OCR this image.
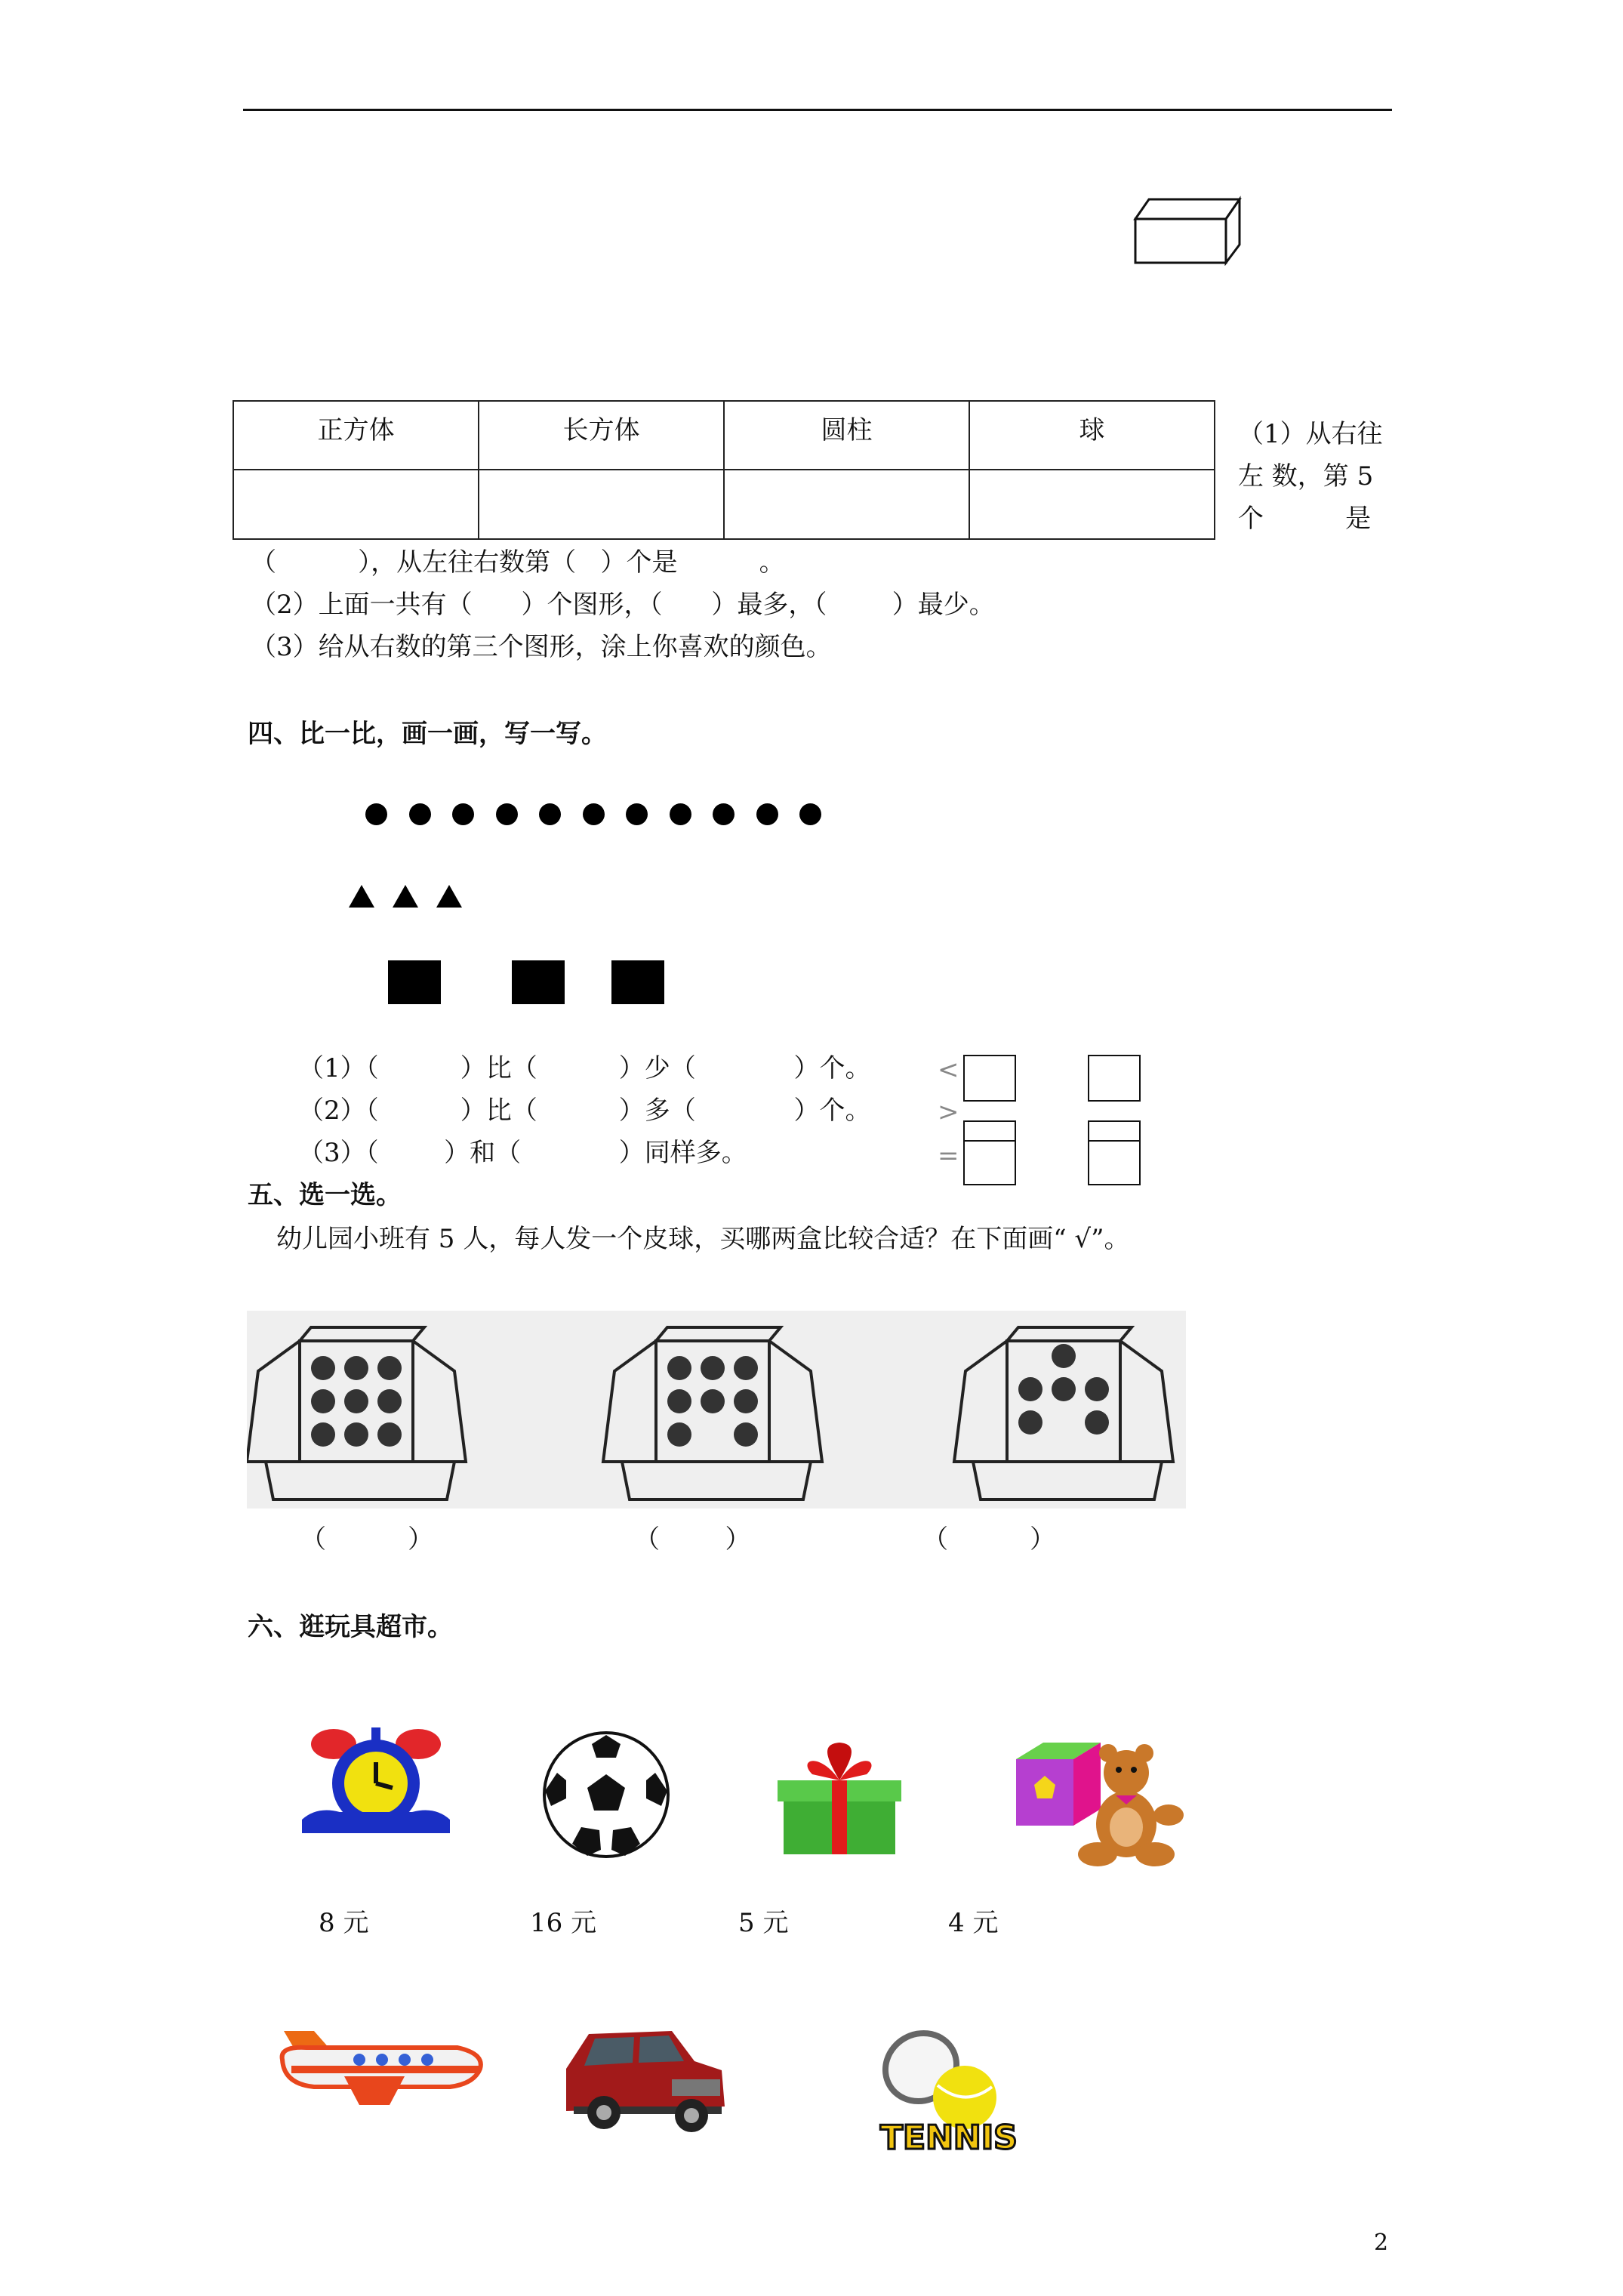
正方体	长方体	圆柱	球
				（1）从右往
左 数，第 5
个          是
（          ），从左往右数第（   ）个是          。
（2）上面一共有（      ）个图形，（      ）最多，（        ）最少。
（3）给从右数的第三个图形，涂上你喜欢的颜色。
四、比一比，画一画，写一写。
（1）（          ）比（          ）少（            ）个。
（2）（          ）比（          ）多（            ）个。
（3）（        ）和（            ）同样多。
<
>
=
五、选一选。
幼儿园小班有 5 人，每人发一个皮球，买哪两盒比较合适？在下面画“ √”。
（          ）	（        ）	（          ）
六、逛玩具超市。
8 元	16 元	5 元	4 元
TENNIS
2
